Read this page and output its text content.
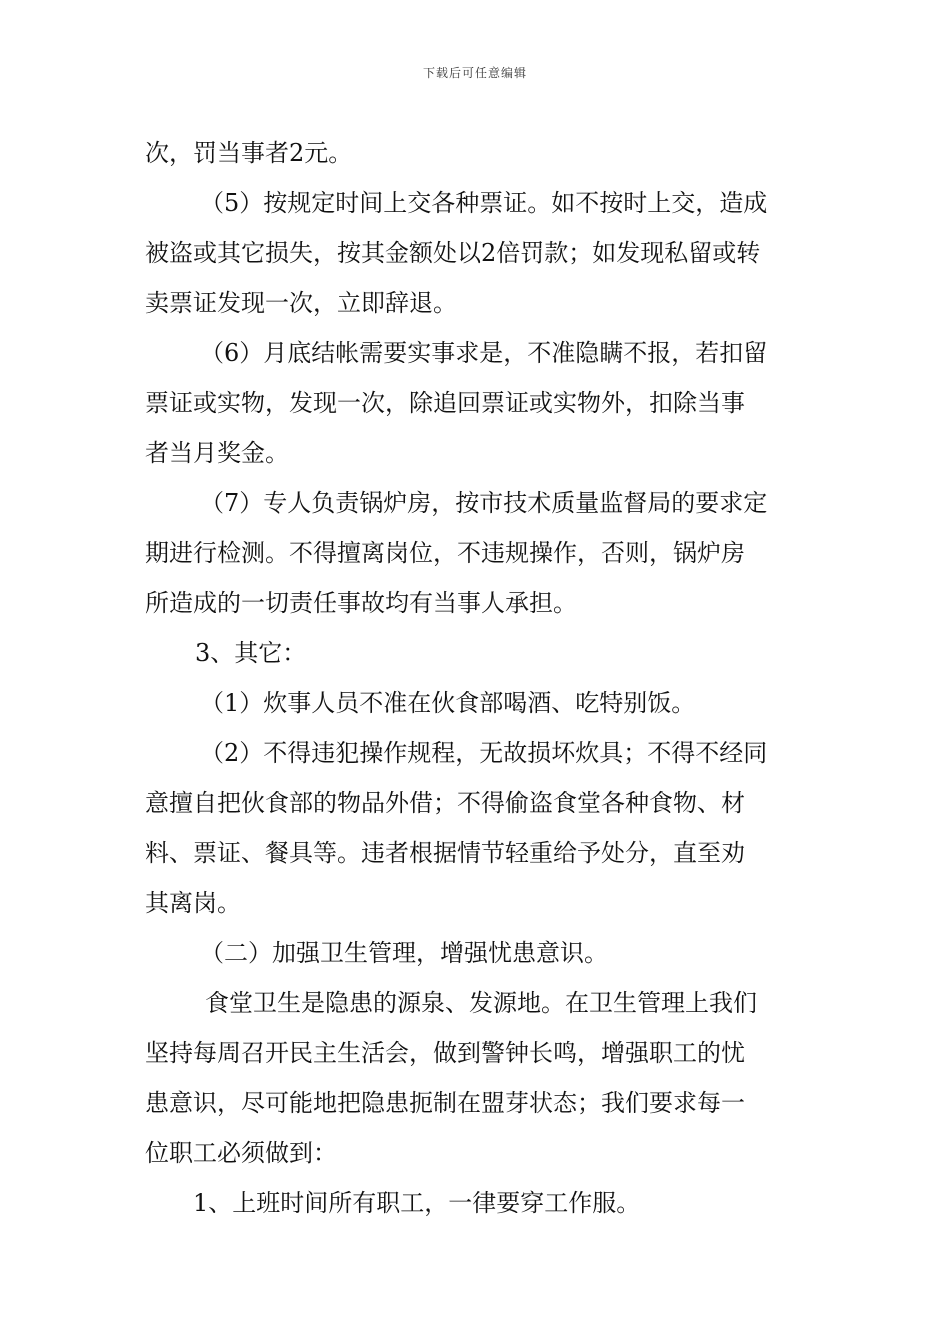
下载后可任意编辑
次，罚当事者2元。
（5）按规定时间上交各种票证。如不按时上交，造成
被盗或其它损失，按其金额处以2倍罚款；如发现私留或转
卖票证发现一次，立即辞退。
（6）月底结帐需要实事求是，不准隐瞒不报，若扣留
票证或实物，发现一次，除追回票证或实物外，扣除当事
者当月奖金。
（7）专人负责锅炉房，按市技术质量监督局的要求定
期进行检测。不得擅离岗位，不违规操作，否则，锅炉房
所造成的一切责任事故均有当事人承担。
3、其它：
（1）炊事人员不准在伙食部喝酒、吃特别饭。
（2）不得违犯操作规程，无故损坏炊具；不得不经同
意擅自把伙食部的物品外借；不得偷盗食堂各种食物、材
料、票证、餐具等。违者根据情节轻重给予处分，直至劝
其离岗。
（二）加强卫生管理，增强忧患意识。
食堂卫生是隐患的源泉、发源地。在卫生管理上我们
坚持每周召开民主生活会，做到警钟长鸣，增强职工的忧
患意识，尽可能地把隐患扼制在盟芽状态；我们要求每一
位职工必须做到：
1、上班时间所有职工，一律要穿工作服。
